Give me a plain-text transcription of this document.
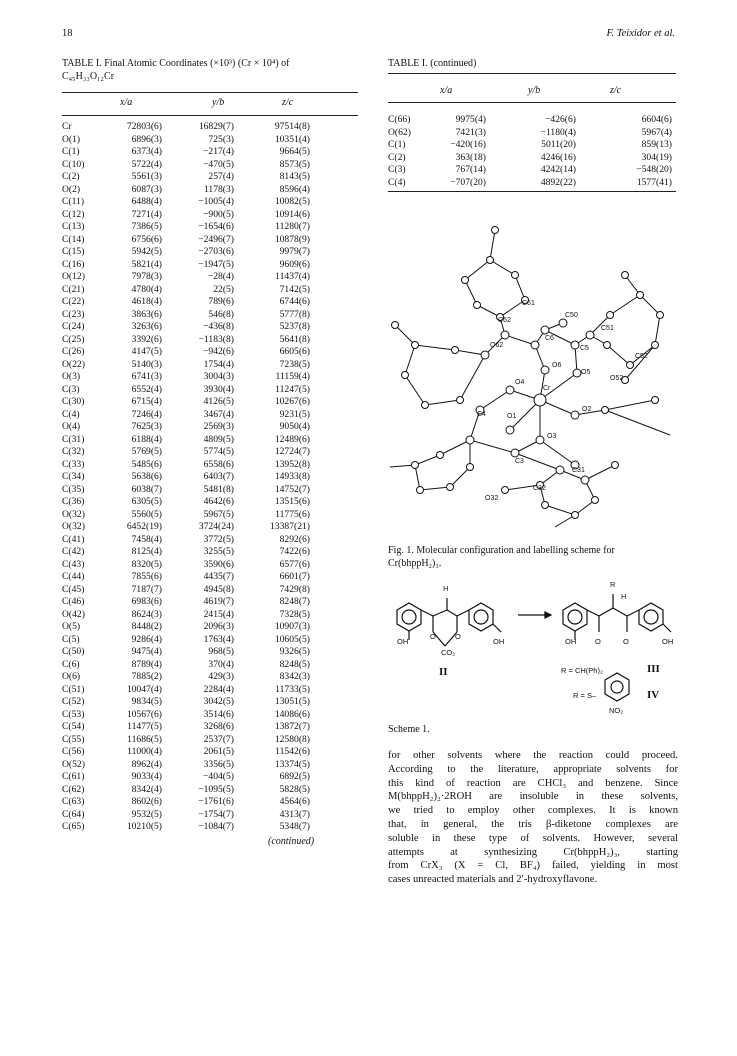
18	F. Teixidor et al.
TABLE I. Final Atomic Coordinates (×10³) (Cr × 10⁴) of
C₄₅H₃₃O₁₂Cr
x/a	y/b	z/c
Cr	72803(6)	16829(7)	97514(8)
O(1)	6896(3)	725(3)	10351(4)
C(1)	6373(4)	−217(4)	9664(5)
C(10)	5722(4)	−470(5)	8573(5)
C(2)	5561(3)	257(4)	8143(5)
O(2)	6087(3)	1178(3)	8596(4)
C(11)	6488(4)	−1005(4)	10082(5)
C(12)	7271(4)	−900(5)	10914(6)
C(13)	7386(5)	−1654(6)	11280(7)
C(14)	6756(6)	−2496(7)	10878(9)
C(15)	5942(5)	−2703(6)	9979(7)
C(16)	5821(4)	−1947(5)	9609(6)
O(12)	7978(3)	−28(4)	11437(4)
C(21)	4780(4)	22(5)	7142(5)
C(22)	4618(4)	789(6)	6744(6)
C(23)	3863(6)	546(8)	5777(8)
C(24)	3263(6)	−436(8)	5237(8)
C(25)	3392(6)	−1183(8)	5641(8)
C(26)	4147(5)	−942(6)	6605(6)
O(22)	5140(3)	1754(4)	7238(5)
O(3)	6741(3)	3004(3)	11159(4)
C(3)	6552(4)	3930(4)	11247(5)
C(30)	6715(4)	4126(5)	10267(6)
C(4)	7246(4)	3467(4)	9231(5)
O(4)	7625(3)	2569(3)	9050(4)
C(31)	6188(4)	4809(5)	12489(6)
C(32)	5769(5)	5774(5)	12724(7)
C(33)	5485(6)	6558(6)	13952(8)
C(34)	5638(6)	6403(7)	14933(8)
C(35)	6038(7)	5481(8)	14752(7)
C(36)	6305(5)	4642(6)	13515(6)
O(32)	5560(5)	5967(5)	11775(6)
O(32)	6452(19)	3724(24)	13387(21)
C(41)	7458(4)	3772(5)	8292(6)
C(42)	8125(4)	3255(5)	7422(6)
C(43)	8320(5)	3590(6)	6577(6)
C(44)	7855(6)	4435(7)	6601(7)
C(45)	7187(7)	4945(8)	7429(8)
C(46)	6983(6)	4619(7)	8248(7)
O(42)	8624(3)	2415(4)	7328(5)
O(5)	8448(2)	2096(3)	10907(3)
C(5)	9286(4)	1763(4)	10605(5)
C(50)	9475(4)	968(5)	9326(5)
C(6)	8789(4)	370(4)	8248(5)
O(6)	7885(2)	429(3)	8342(3)
C(51)	10047(4)	2284(4)	11733(5)
C(52)	9834(5)	3042(5)	13051(5)
C(53)	10567(6)	3514(6)	14086(6)
C(54)	11477(5)	3268(6)	13872(7)
C(55)	11686(5)	2537(7)	12580(8)
C(56)	11000(4)	2061(5)	11542(6)
O(52)	8962(4)	3356(5)	13374(5)
C(61)	9033(4)	−404(5)	6892(5)
C(62)	8342(4)	−1095(5)	5828(5)
C(63)	8602(6)	−1761(6)	4564(6)
C(64)	9532(5)	−1754(7)	4313(7)
C(65)	10210(5)	−1084(7)	5348(7)
(continued)
TABLE I. (continued)
x/a	y/b	z/c
C(66)	9975(4)	−426(6)	6604(6)
O(62)	7421(3)	−1180(4)	5967(4)
C(1)	−420(16)	5011(20)	859(13)
C(2)	363(18)	4246(16)	304(19)
C(3)	767(14)	4242(14)	−548(20)
C(4)	−707(20)	4892(22)	1577(41)
C61
C62
C6
C50
C51
C5
C52
O62
O6
O5
O52
O4
Cr
O2
C4	O1
O3
C3
C31
C32
O32
Fig. 1. Molecular configuration and labelling scheme for
Cr(bhppH₂)₃.
H	R
H
OH
O	O
OH	OH	O	O	OH
CO₂
R = CH(Ph)₂
R = S–
NO₂
II	III
IV
Scheme 1.
for other solvents where the reaction could proceed.
According to the literature, appropriate solvents for
this kind of reaction are CHCl₃ and benzene. Since
M(bhppH₂)₂·2ROH are insoluble in these solvents,
we tried to employ other complexes. It is known
that, in general, the tris β-diketone complexes are
soluble in these type of solvents. However, several
attempts at synthesizing Cr(bhppH₂)₃, starting
from CrX₃ (X = Cl, BF₄) failed, yielding in most
cases unreacted materials and 2′-hydroxyflavone.
